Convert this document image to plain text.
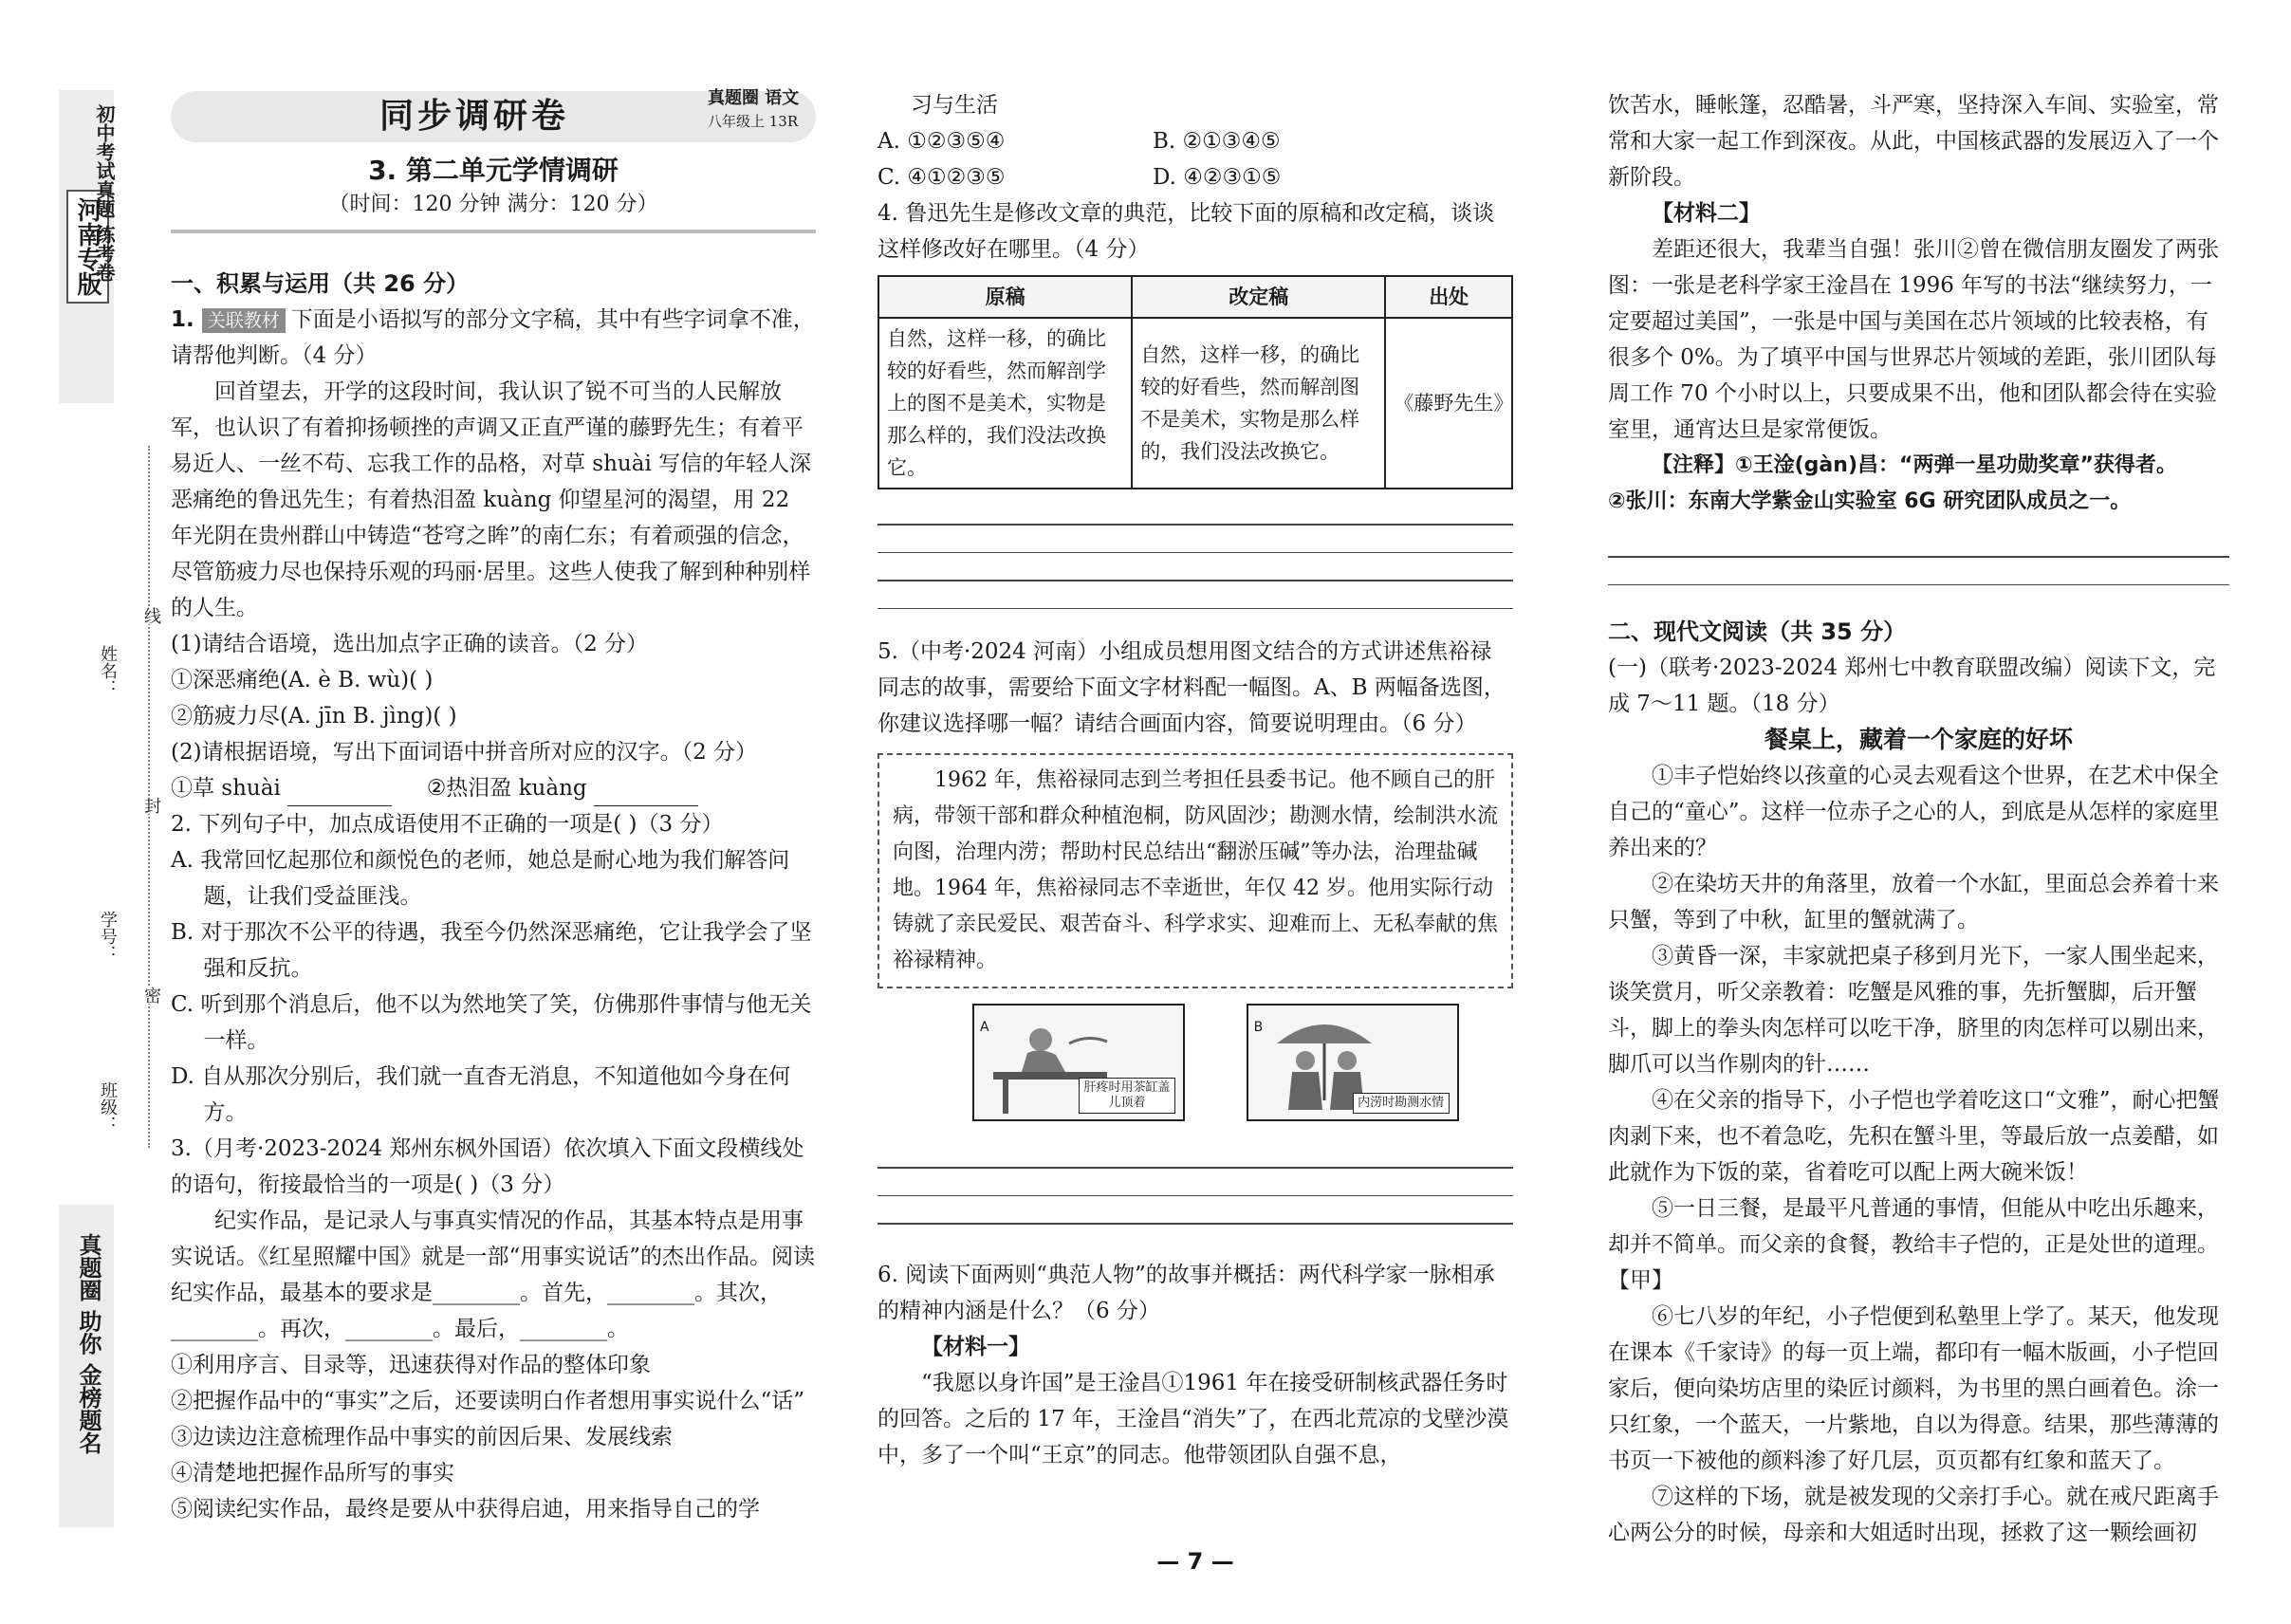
河南专版
初中考试真题 练考卷
姓名：
线
学号：
封
密
班级：
真题圈 助你 金榜题名
同步调研卷	真题圈 语文
八年级上 13R
3. 第二单元学情调研
（时间：120 分钟 满分：120 分）

一、积累与运用（共 26 分）

1. 关联教材 下面是小语拟写的部分文字稿，其中有些字词拿不准，请帮他判断。（4 分）

回首望去，开学的这段时间，我认识了锐不可当的人民解放军，也认识了有着抑扬顿挫的声调又正直严谨的藤野先生；有着平易近人、一丝不苟、忘我工作的品格，对草 shuài 写信的年轻人深恶痛绝的鲁迅先生；有着热泪盈 kuàng 仰望星河的渴望，用 22 年光阴在贵州群山中铸造“苍穹之眸”的南仁东；有着顽强的信念，尽管筋疲力尽也保持乐观的玛丽·居里。这些人使我了解到种种别样的人生。

(1)请结合语境，选出加点字正确的读音。（2 分）

①深恶痛绝(A. è B. wù)( )

②筋疲力尽(A. jīn B. jìng)( )

(2)请根据语境，写出下面词语中拼音所对应的汉字。（2 分）

①草 shuài	②热泪盈 kuàng

2. 下列句子中，加点成语使用不正确的一项是( )（3 分）

A. 我常回忆起那位和颜悦色的老师，她总是耐心地为我们解答问题，让我们受益匪浅。

B. 对于那次不公平的待遇，我至今仍然深恶痛绝，它让我学会了坚强和反抗。

C. 听到那个消息后，他不以为然地笑了笑，仿佛那件事情与他无关一样。

D. 自从那次分别后，我们就一直杳无消息，不知道他如今身在何方。

3.（月考·2023-2024 郑州东枫外国语）依次填入下面文段横线处的语句，衔接最恰当的一项是( )（3 分）

纪实作品，是记录人与事真实情况的作品，其基本特点是用事实说话。《红星照耀中国》就是一部“用事实说话”的杰出作品。阅读纪实作品，最基本的要求是________。首先，________。其次，________。再次，________。最后，________。

①利用序言、目录等，迅速获得对作品的整体印象

②把握作品中的“事实”之后，还要读明白作者想用事实说什么“话”

③边读边注意梳理作品中事实的前因后果、发展线索

④清楚地把握作品所写的事实

⑤阅读纪实作品，最终是要从中获得启迪，用来指导自己的学

习与生活

A. ①②③⑤④	B. ②①③④⑤

C. ④①②③⑤	D. ④②③①⑤

4. 鲁迅先生是修改文章的典范，比较下面的原稿和改定稿，谈谈这样修改好在哪里。（4 分）

原稿	改定稿	出处
自然，这样一移，的确比较的好看些，然而解剖学上的图不是美术，实物是那么样的，我们没法改换它。	自然，这样一移，的确比较的好看些，然而解剖图不是美术，实物是那么样的，我们没法改换它。	《藤野先生》

5.（中考·2024 河南）小组成员想用图文结合的方式讲述焦裕禄同志的故事，需要给下面文字材料配一幅图。A、B 两幅备选图，你建议选择哪一幅？请结合画面内容，简要说明理由。（6 分）

1962 年，焦裕禄同志到兰考担任县委书记。他不顾自己的肝病，带领干部和群众种植泡桐，防风固沙；勘测水情，绘制洪水流向图，治理内涝；帮助村民总结出“翻淤压碱”等办法，治理盐碱地。1964 年，焦裕禄同志不幸逝世，年仅 42 岁。他用实际行动铸就了亲民爱民、艰苦奋斗、科学求实、迎难而上、无私奉献的焦裕禄精神。
A
肝疼时用茶缸盖儿顶着

B
内涝时勘测水情

6. 阅读下面两则“典范人物”的故事并概括：两代科学家一脉相承的精神内涵是什么？（6 分）

【材料一】

“我愿以身许国”是王淦昌①1961 年在接受研制核武器任务时的回答。之后的 17 年，王淦昌“消失”了，在西北荒凉的戈壁沙漠中，多了一个叫“王京”的同志。他带领团队自强不息，

— 7 —

饮苦水，睡帐篷，忍酷暑，斗严寒，坚持深入车间、实验室，常常和大家一起工作到深夜。从此，中国核武器的发展迈入了一个新阶段。

【材料二】

差距还很大，我辈当自强！张川②曾在微信朋友圈发了两张图：一张是老科学家王淦昌在 1996 年写的书法“继续努力，一定要超过美国”，一张是中国与美国在芯片领域的比较表格，有很多个 0%。为了填平中国与世界芯片领域的差距，张川团队每周工作 70 个小时以上，只要成果不出，他和团队都会待在实验室里，通宵达旦是家常便饭。

【注释】①王淦(gàn)昌：“两弹一星功勋奖章”获得者。

②张川：东南大学紫金山实验室 6G 研究团队成员之一。

二、现代文阅读（共 35 分）

(一)（联考·2023-2024 郑州七中教育联盟改编）阅读下文，完成 7～11 题。（18 分）

餐桌上，藏着一个家庭的好坏

①丰子恺始终以孩童的心灵去观看这个世界，在艺术中保全自己的“童心”。这样一位赤子之心的人，到底是从怎样的家庭里养出来的？

②在染坊天井的角落里，放着一个水缸，里面总会养着十来只蟹，等到了中秋，缸里的蟹就满了。

③黄昏一深，丰家就把桌子移到月光下，一家人围坐起来，谈笑赏月，听父亲教着：吃蟹是风雅的事，先折蟹脚，后开蟹斗，脚上的拳头肉怎样可以吃干净，脐里的肉怎样可以剔出来，脚爪可以当作剔肉的针……

④在父亲的指导下，小子恺也学着吃这口“文雅”，耐心把蟹肉剥下来，也不着急吃，先积在蟹斗里，等最后放一点姜醋，如此就作为下饭的菜，省着吃可以配上两大碗米饭！

⑤一日三餐，是最平凡普通的事情，但能从中吃出乐趣来，却并不简单。而父亲的食餐，教给丰子恺的，正是处世的道理。【甲】

⑥七八岁的年纪，小子恺便到私塾里上学了。某天，他发现在课本《千家诗》的每一页上端，都印有一幅木版画，小子恺回家后，便向染坊店里的染匠讨颜料，为书里的黑白画着色。涂一只红象，一个蓝天，一片紫地，自以为得意。结果，那些薄薄的书页一下被他的颜料渗了好几层，页页都有红象和蓝天了。

⑦这样的下场，就是被发现的父亲打手心。就在戒尺距离手心两公分的时候，母亲和大姐适时出现，拯救了这一颗绘画初
